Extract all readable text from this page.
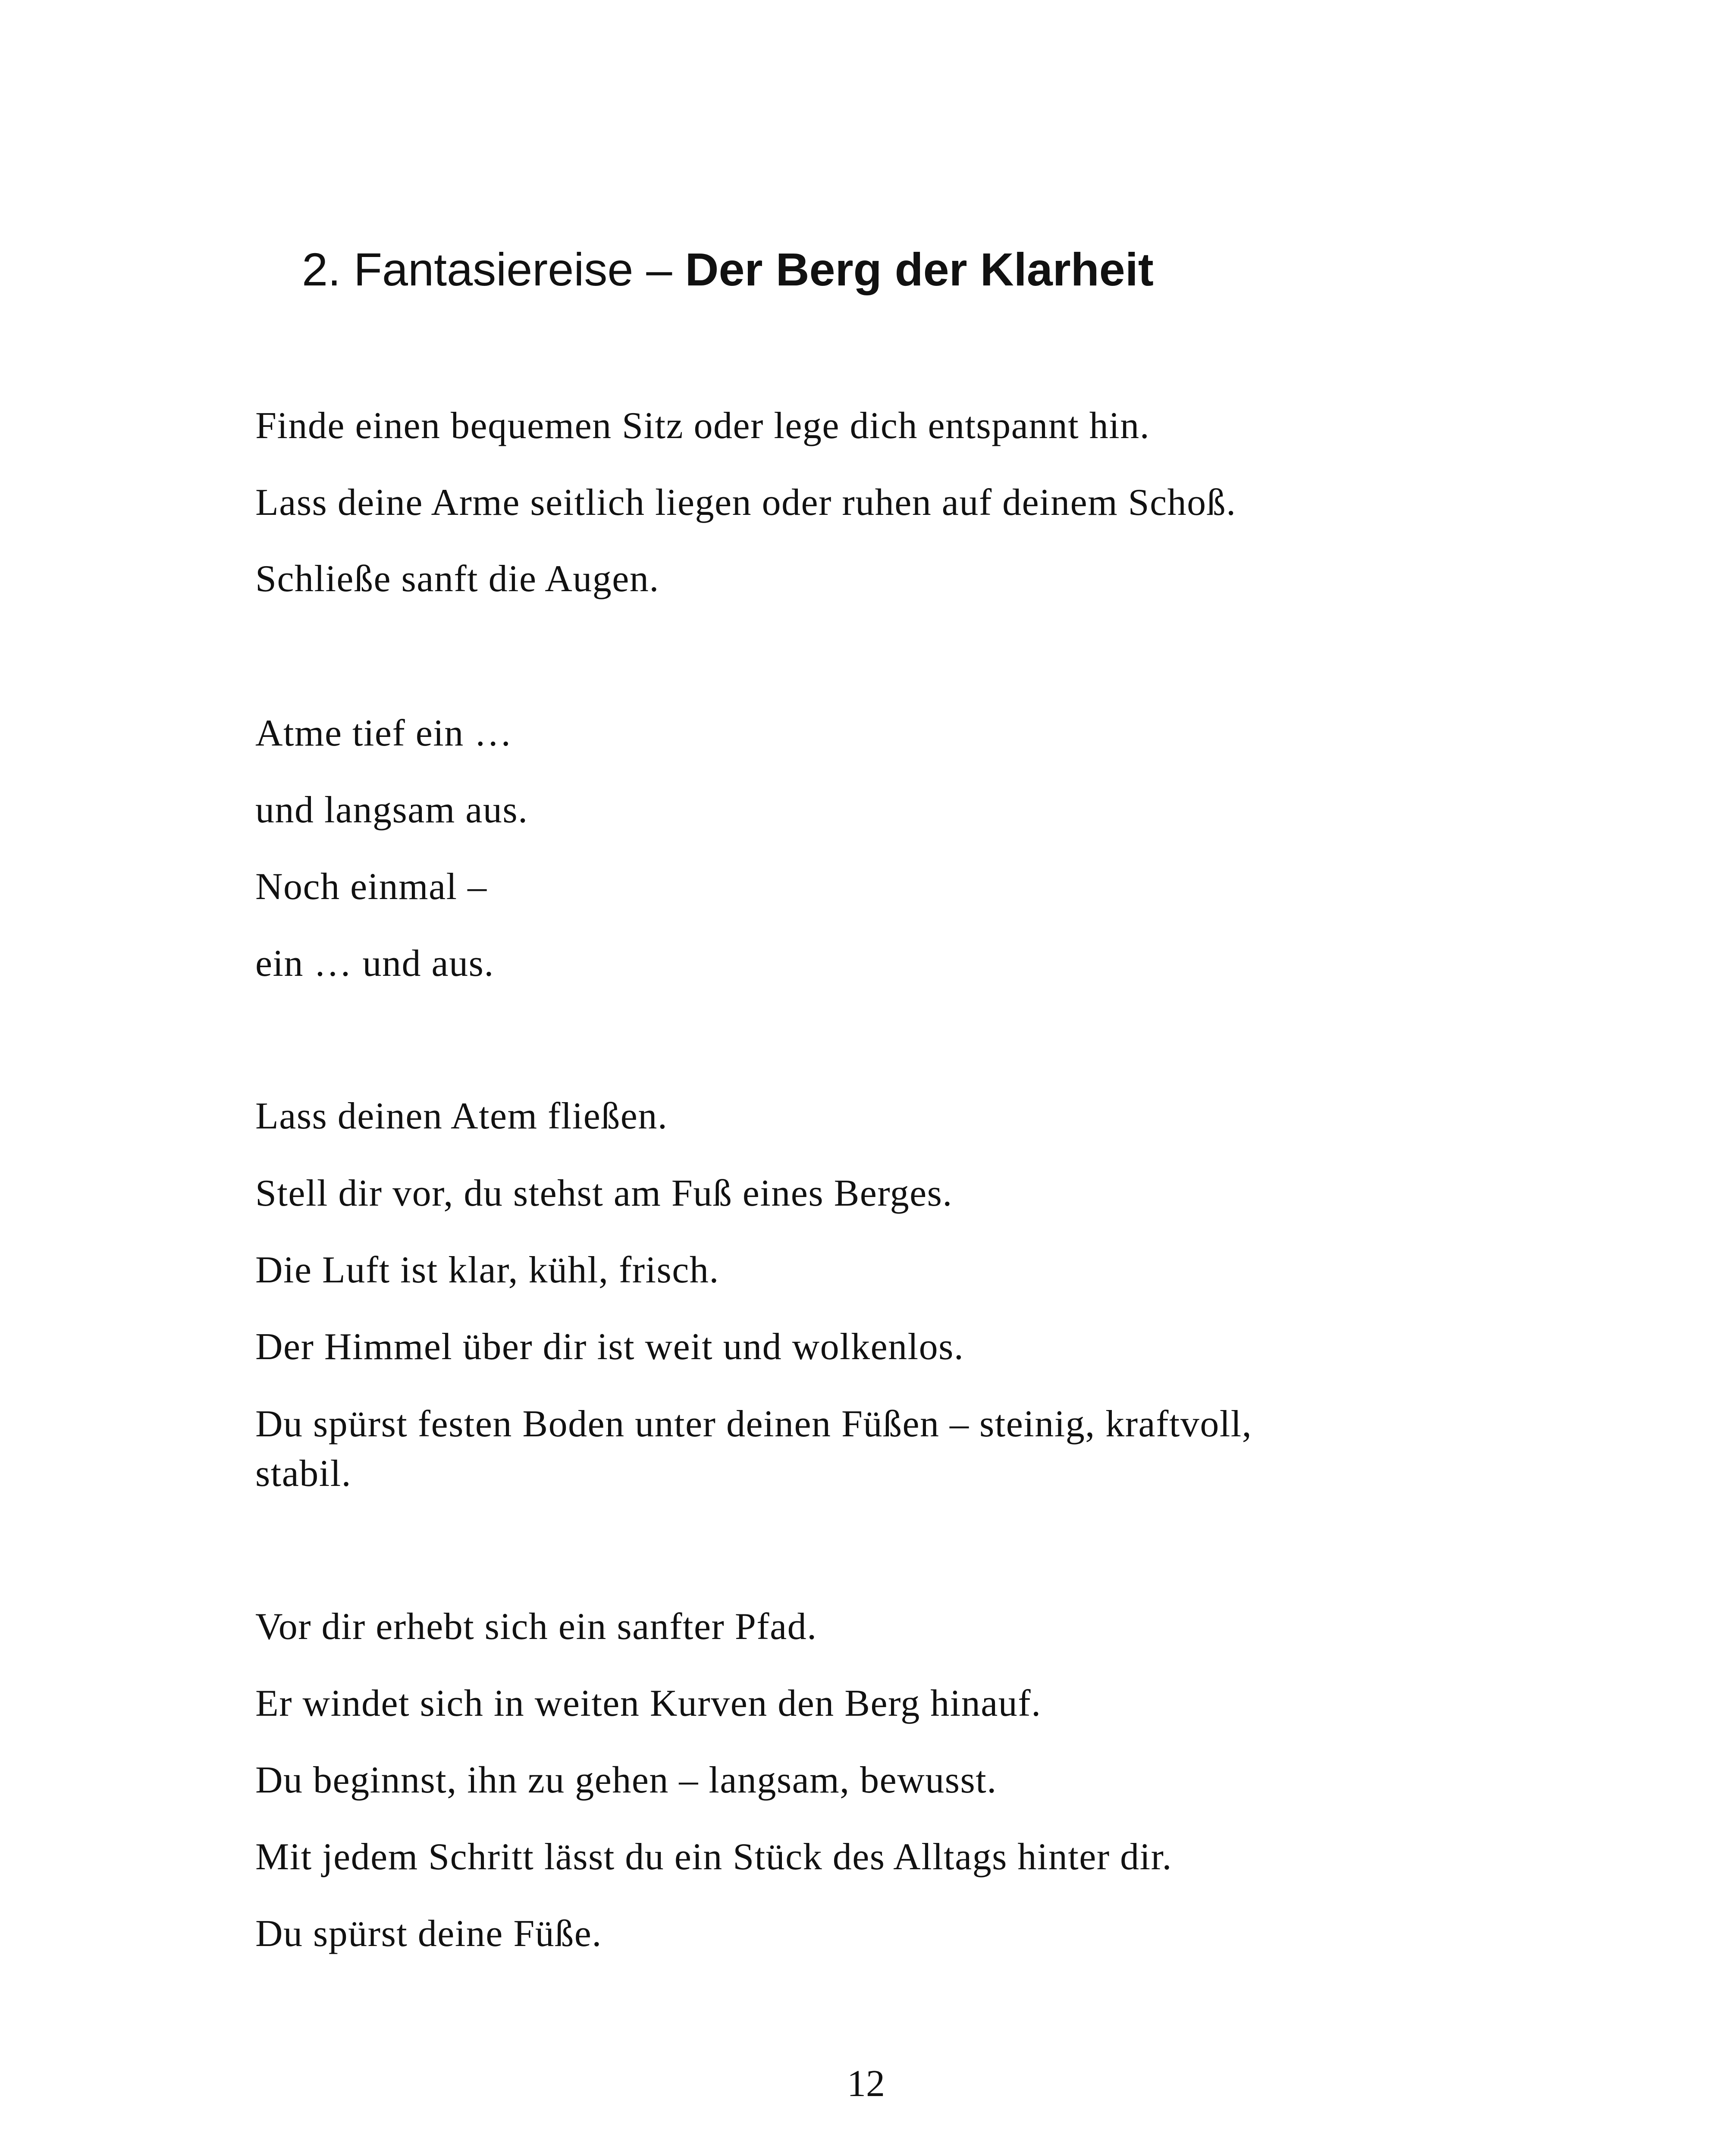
2. Fantasiereise – Der Berg der Klarheit

Finde einen bequemen Sitz oder lege dich entspannt hin.

Lass deine Arme seitlich liegen oder ruhen auf deinem Schoß.

Schließe sanft die Augen.

Atme tief ein …

und langsam aus.

Noch einmal –

ein … und aus.

Lass deinen Atem fließen.

Stell dir vor, du stehst am Fuß eines Berges.

Die Luft ist klar, kühl, frisch.

Der Himmel über dir ist weit und wolkenlos.

Du spürst festen Boden unter deinen Füßen – steinig, kraftvoll,

stabil.

Vor dir erhebt sich ein sanfter Pfad.

Er windet sich in weiten Kurven den Berg hinauf.

Du beginnst, ihn zu gehen – langsam, bewusst.

Mit jedem Schritt lässt du ein Stück des Alltags hinter dir.

Du spürst deine Füße.

12
